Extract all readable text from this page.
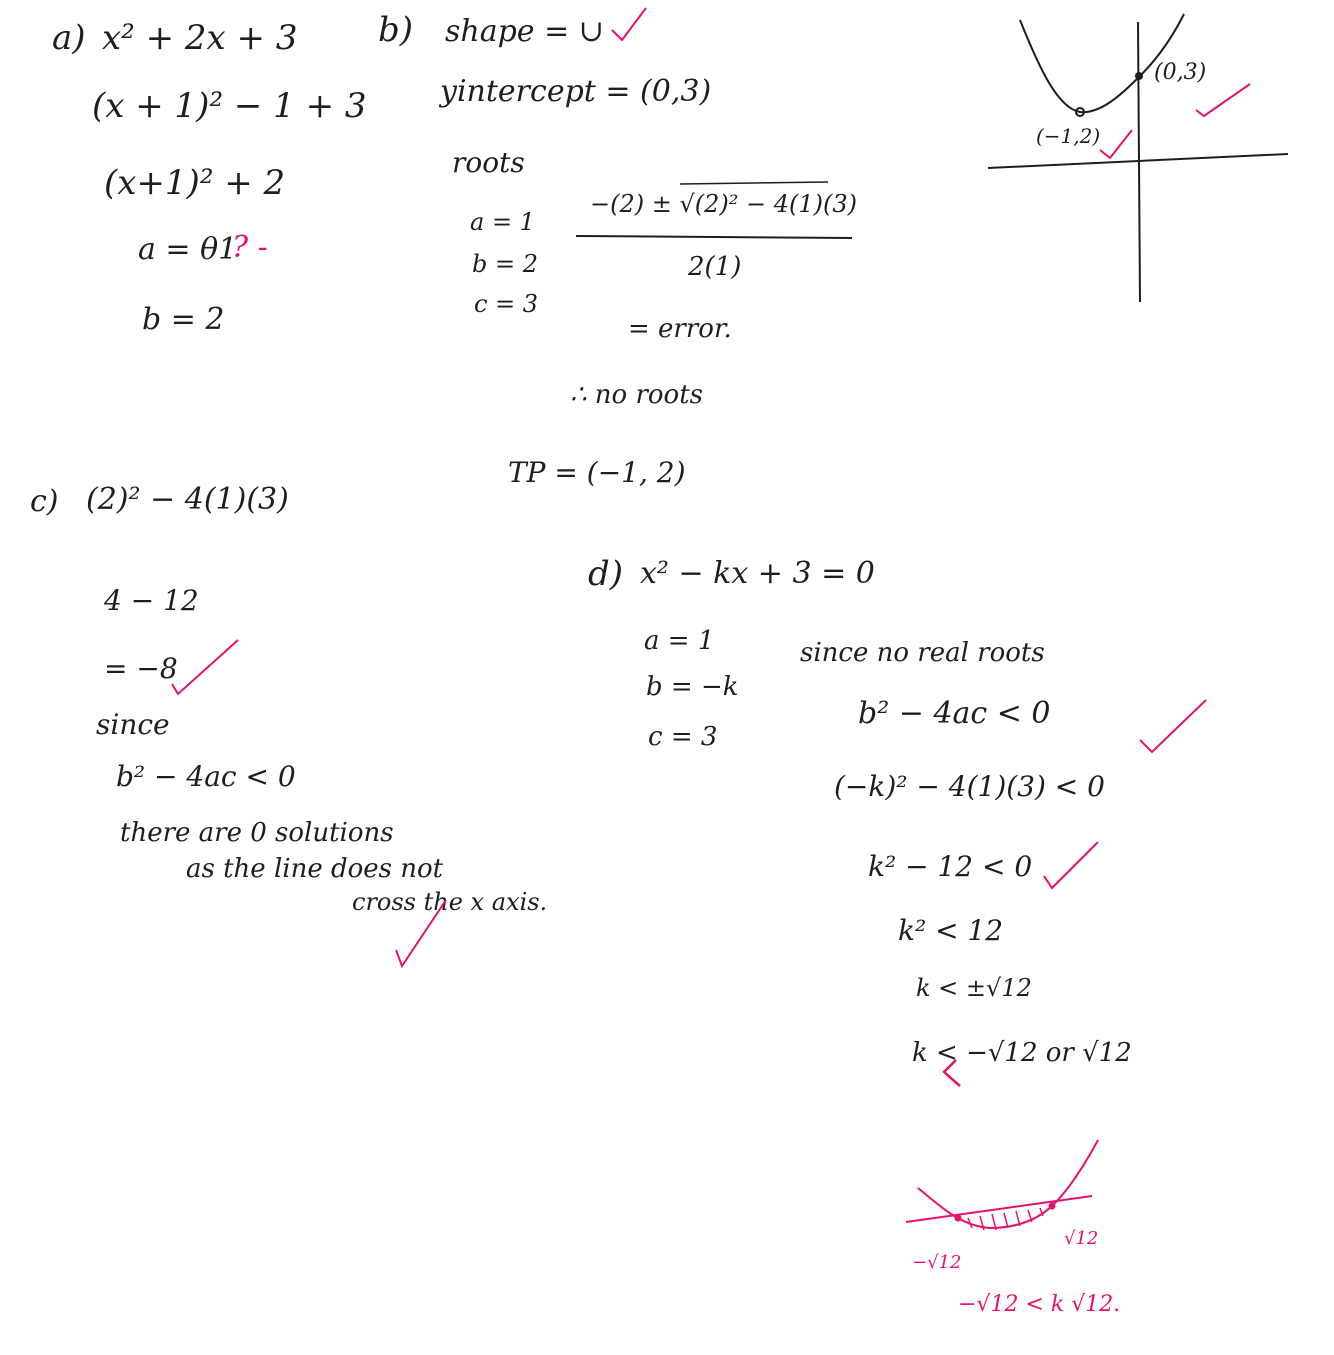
a) x² + 2x + 3
(x + 1)² − 1 + 3
(x+1)² + 2
a = θ1
? -
b = 2
b) shape = ∪
yintercept = (0,3)
roots
a = 1
b = 2
c = 3
−(2) ± √(2)² − 4(1)(3)
2(1)
= error.
∴ no roots
TP = (−1, 2)
(−1,2)
(0,3)
c) (2)² − 4(1)(3)
4 − 12
= −8
since
b² − 4ac < 0
there are 0 solutions
as the line does not
cross the x axis.
d) x² − kx + 3 = 0
a = 1
b = −k
c = 3
since no real roots
b² − 4ac < 0
(−k)² − 4(1)(3) < 0
k² − 12 < 0
k² < 12
k < ±√12
k < −√12 or √12
−√12
√12
−√12 < k √12.
